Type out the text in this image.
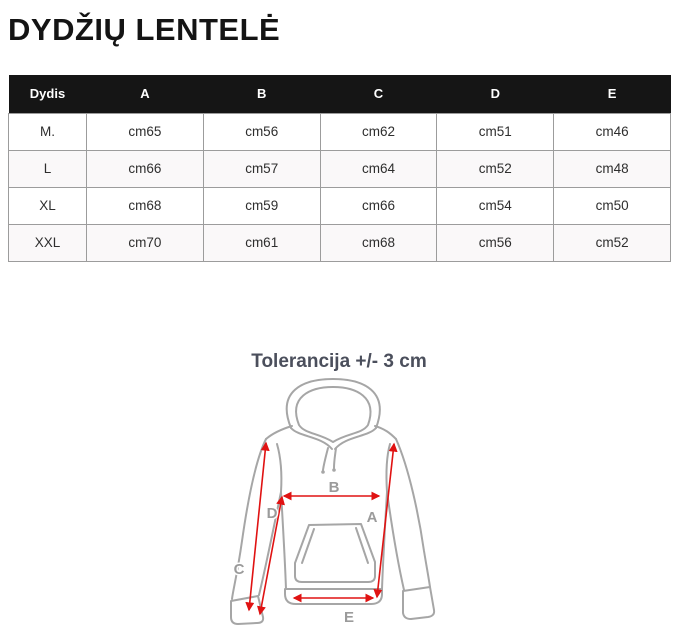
DYDŽIŲ LENTELĖ
Dydis	A	B	C	D	E
M.	cm65	cm56	cm62	cm51	cm46
L	cm66	cm57	cm64	cm52	cm48
XL	cm68	cm59	cm66	cm54	cm50
XXL	cm70	cm61	cm68	cm56	cm52
Tolerancija +/- 3 cm
B
D	A
C
E
